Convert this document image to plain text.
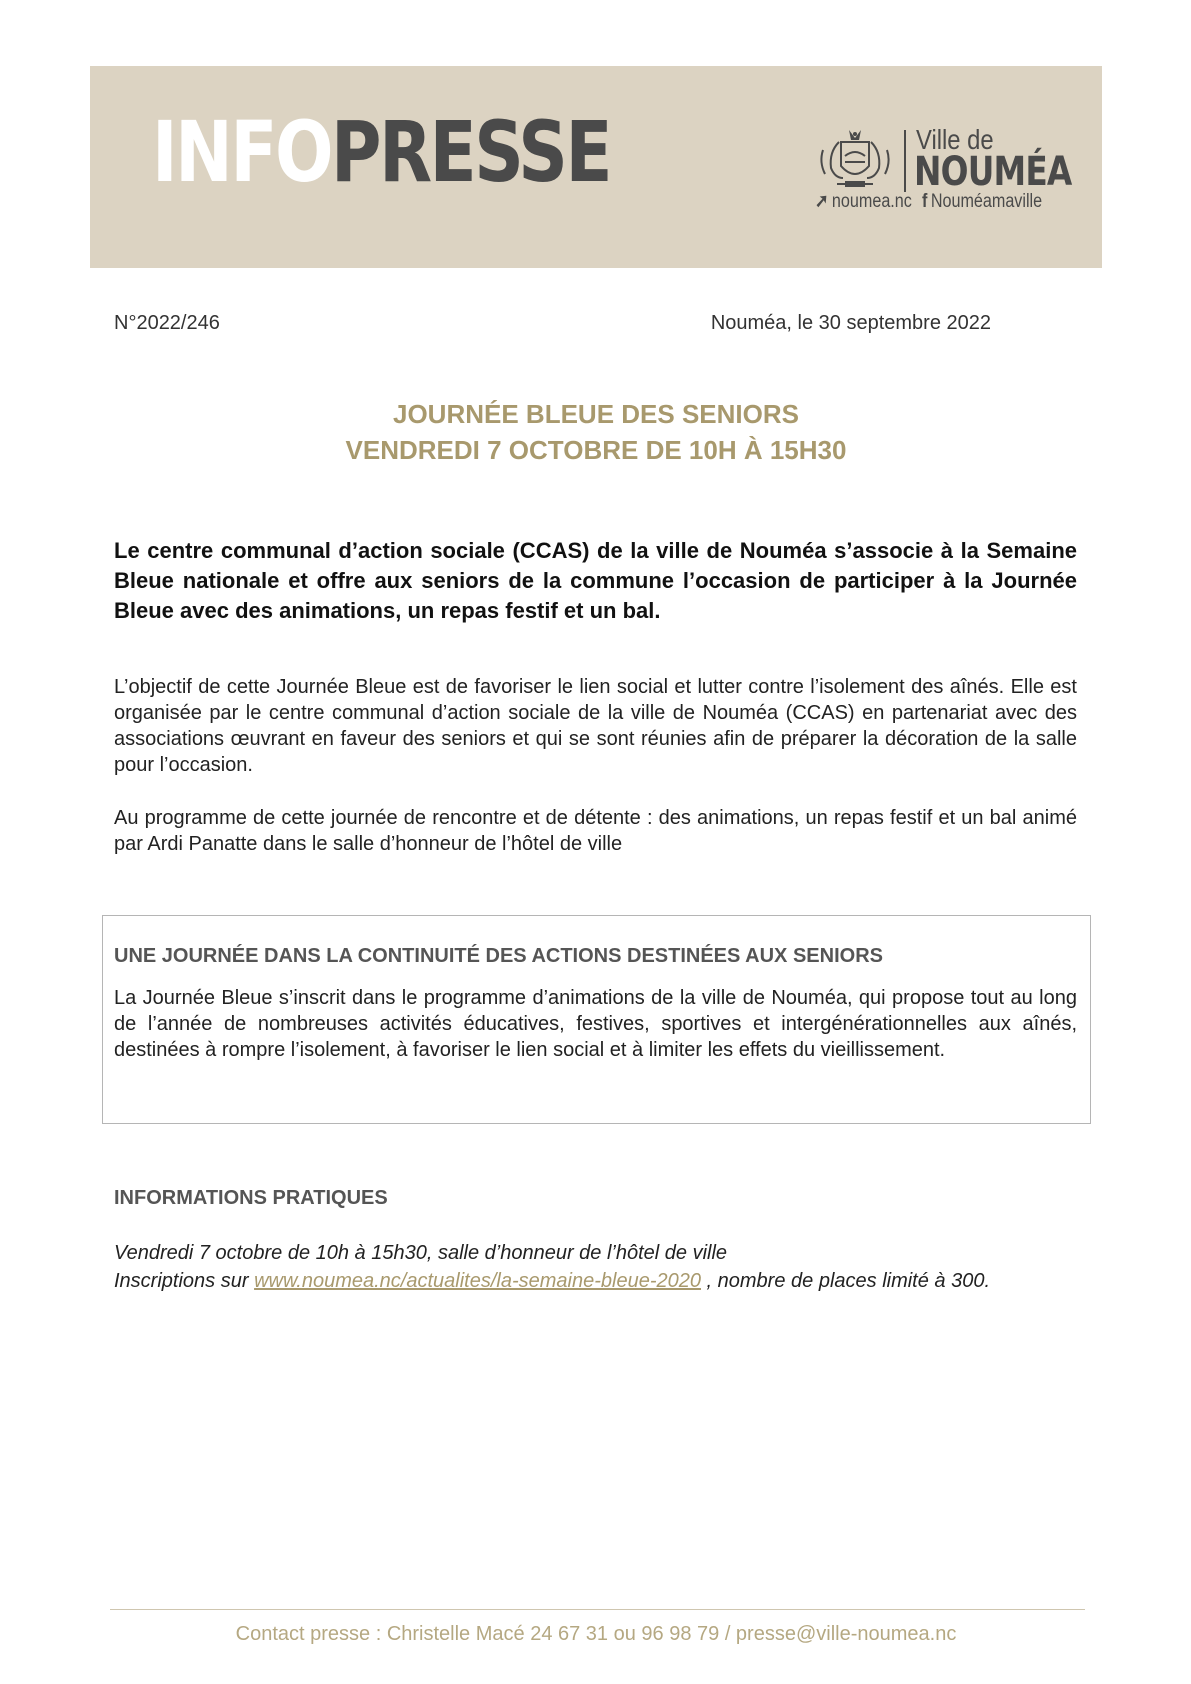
INFOPRESSE	Ville de
NOUMÉA
➚ noumea.nc f Nouméamaville
N°2022/246	Nouméa, le 30 septembre 2022
JOURNÉE BLEUE DES SENIORS
VENDREDI 7 OCTOBRE DE 10H À 15H30
Le centre communal d’action sociale (CCAS) de la ville de Nouméa s’associe à la Semaine Bleue nationale et offre aux seniors de la commune l’occasion de participer à la Journée Bleue avec des animations, un repas festif et un bal.
L’objectif de cette Journée Bleue est de favoriser le lien social et lutter contre l’isolement des aînés. Elle est organisée par le centre communal d’action sociale de la ville de Nouméa (CCAS) en partenariat avec des associations œuvrant en faveur des seniors et qui se sont réunies afin de préparer la décoration de la salle pour l’occasion.
Au programme de cette journée de rencontre et de détente : des animations, un repas festif et un bal animé par Ardi Panatte dans le salle d’honneur de l’hôtel de ville
UNE JOURNÉE DANS LA CONTINUITÉ DES ACTIONS DESTINÉES AUX SENIORS
La Journée Bleue s’inscrit dans le programme d’animations de la ville de Nouméa, qui propose tout au long de l’année de nombreuses activités éducatives, festives, sportives et intergénérationnelles aux aînés, destinées à rompre l’isolement, à favoriser le lien social et à limiter les effets du vieillissement.
INFORMATIONS PRATIQUES
Vendredi 7 octobre de 10h à 15h30, salle d’honneur de l’hôtel de ville
Inscriptions sur www.noumea.nc/actualites/la-semaine-bleue-2020 , nombre de places limité à 300.
Contact presse : Christelle Macé 24 67 31 ou 96 98 79 / presse@ville-noumea.nc
